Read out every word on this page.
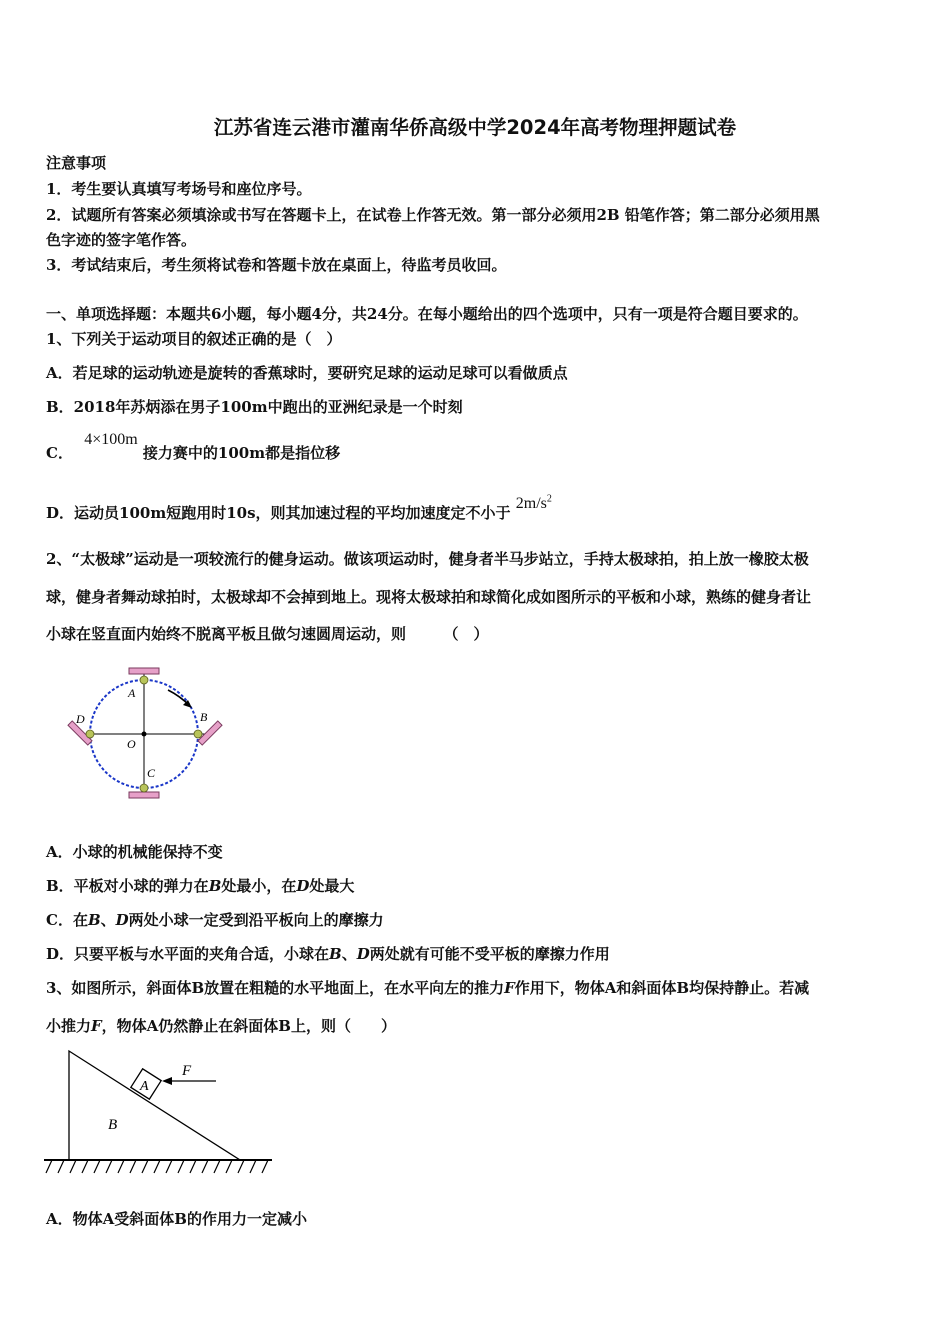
江苏省连云港市灌南华侨高级中学2024年高考物理押题试卷
注意事项
1．考生要认真填写考场号和座位序号。
2．试题所有答案必须填涂或书写在答题卡上，在试卷上作答无效。第一部分必须用2B 铅笔作答；第二部分必须用黑
色字迹的签字笔作答。
3．考试结束后，考生须将试卷和答题卡放在桌面上，待监考员收回。
一、单项选择题：本题共6小题，每小题4分，共24分。在每小题给出的四个选项中，只有一项是符合题目要求的。
1、下列关于运动项目的叙述正确的是（　）
A．若足球的运动轨迹是旋转的香蕉球时，要研究足球的运动足球可以看做质点
B．2018年苏炳添在男子100m中跑出的亚洲纪录是一个时刻
C． 4×100m 接力赛中的100m都是指位移
D．运动员100m短跑用时10s，则其加速过程的平均加速度定不小于 $2m/s^2$
2、“太极球”运动是一项较流行的健身运动。做该项运动时，健身者半马步站立，手持太极球拍，拍上放一橡胶太极
球，健身者舞动球拍时，太极球却不会掉到地上。现将太极球拍和球简化成如图所示的平板和小球，熟练的健身者让
小球在竖直面内始终不脱离平板且做匀速圆周运动，则　　　（　）
A
B
C
D
O
A．小球的机械能保持不变
B．平板对小球的弹力在B处最小，在D处最大
C．在B、D两处小球一定受到沿平板向上的摩擦力
D．只要平板与水平面的夹角合适，小球在B、D两处就有可能不受平板的摩擦力作用
3、如图所示，斜面体B放置在粗糙的水平地面上，在水平向左的推力F作用下，物体A和斜面体B均保持静止。若减
小推力F，物体A仍然静止在斜面体B上，则（　　）
A
B
F
A．物体A受斜面体B的作用力一定减小
